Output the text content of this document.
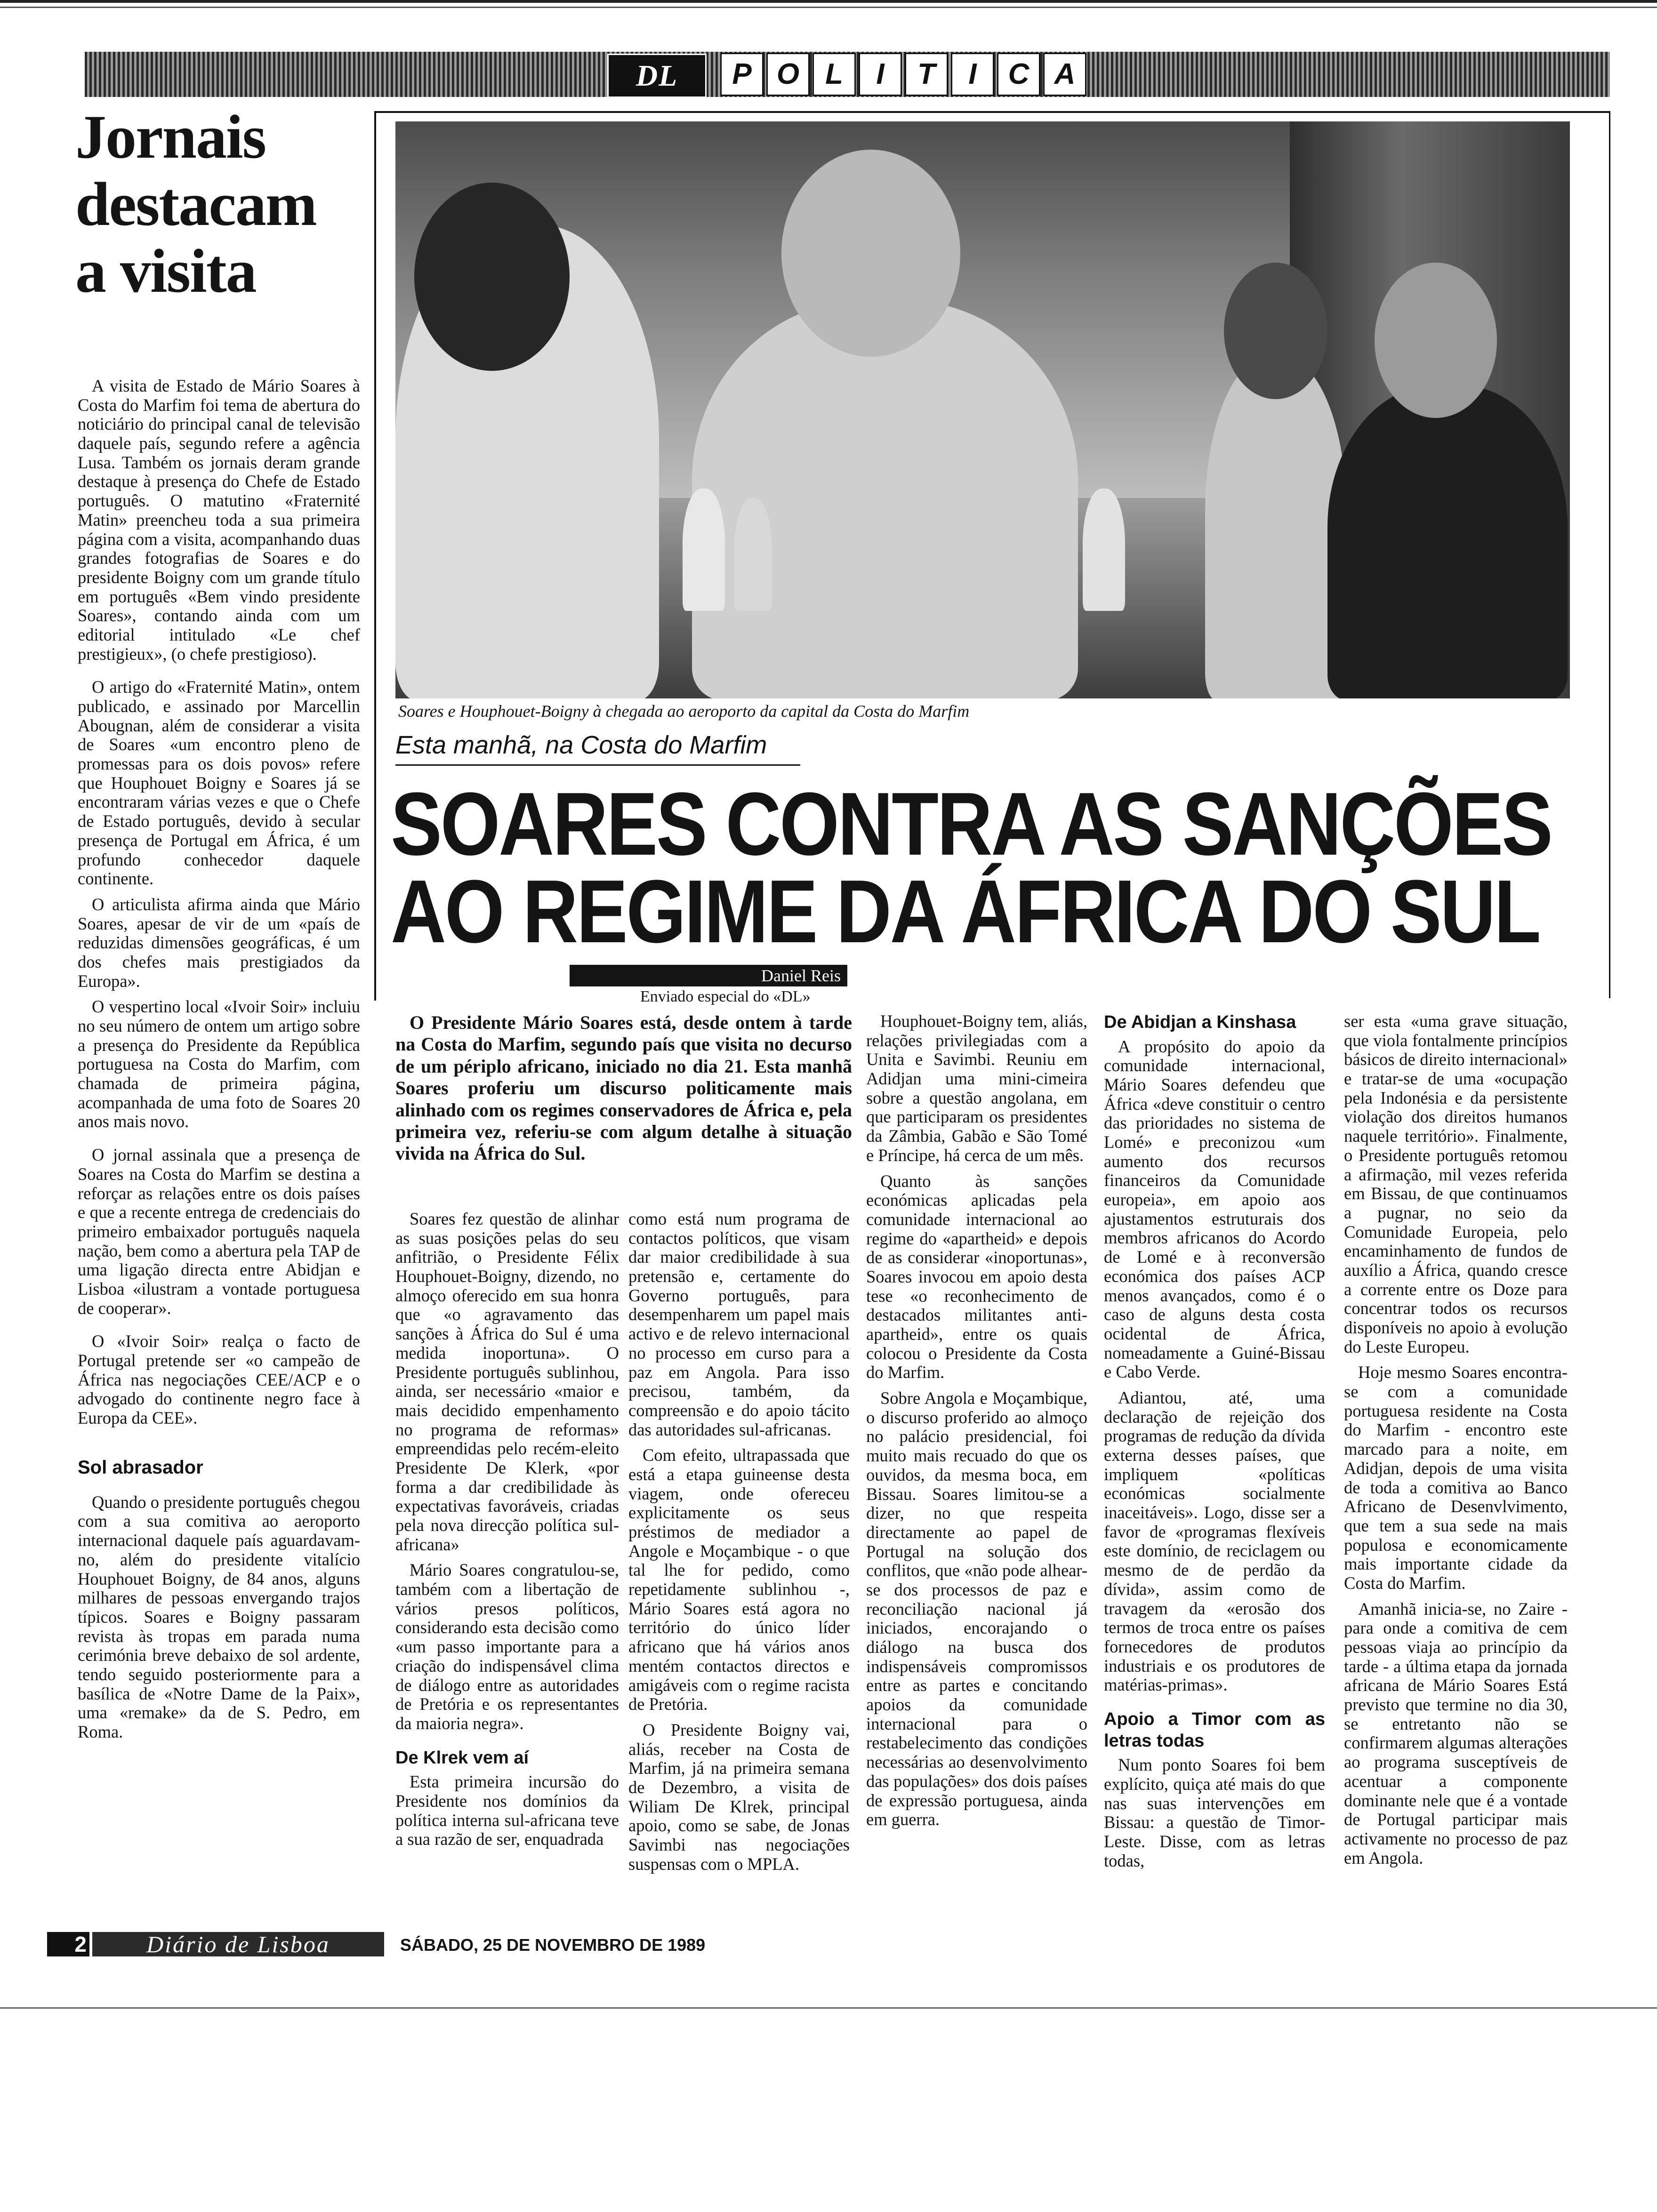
DL	P O L	I	T	I	C A
Jornais
destacam
a visita

A visita de Estado de Mário Soares à Costa do Marfim foi tema de abertura do noticiário do principal canal de televisão daquele país, segundo refere a agência Lusa. Também os jornais deram grande destaque à presença do Chefe de Estado português. O matutino «Fraternité Matin» preencheu toda a sua primeira página com a visita, acompanhando duas grandes fotografias de Soares e do presidente Boigny com um grande título em português «Bem vindo presidente Soares», contando ainda com um editorial intitulado «Le chef prestigieux», (o chefe prestigioso).

O artigo do «Fraternité Matin», ontem publicado, e assinado por Marcellin Abougnan, além de considerar a visita de Soares «um encontro pleno de promessas para os dois povos» refere que Houphouet Boigny e Soares já se encontraram várias vezes e que o Chefe de Estado português, devido à secular presença de Portugal em África, é um profundo conhecedor daquele continente.

O articulista afirma ainda que Mário Soares, apesar de vir de um «país de reduzidas dimensões geográficas, é um dos chefes mais prestigiados da Europa».

O vespertino local «Ivoir Soir» incluiu no seu número de ontem um artigo sobre a presença do Presidente da República portuguesa na Costa do Marfim, com chamada de primeira página, acompanhada de uma foto de Soares 20 anos mais novo.

O jornal assinala que a presença de Soares na Costa do Marfim se destina a reforçar as relações entre os dois países e que a recente entrega de credenciais do primeiro embaixador português naquela nação, bem como a abertura pela TAP de uma ligação directa entre Abidjan e Lisboa «ilustram a vontade portuguesa de cooperar».

O «Ivoir Soir» realça o facto de Portugal pretende ser «o campeão de África nas negociações CEE/ACP e o advogado do continente negro face à Europa da CEE».

Sol abrasador

Quando o presidente português chegou com a sua comitiva ao aeroporto internacional daquele país aguardavam-no, além do presidente vitalício Houphouet Boigny, de 84 anos, alguns milhares de pessoas envergando trajos típicos. Soares e Boigny passaram revista às tropas em parada numa cerimónia breve debaixo de sol ardente, tendo seguido posteriormente para a basílica de «Notre Dame de la Paix», uma «remake» da de S. Pedro, em Roma.

Soares e Houphouet-Boigny à chegada ao aeroporto da capital da Costa do Marfim
Esta manhã, na Costa do Marfim
SOARES CONTRA AS SANÇÕES
AO REGIME DA ÁFRICA DO SUL
Daniel Reis
Enviado especial do «DL»

O Presidente Mário Soares está, desde ontem à tarde na Costa do Marfim, segundo país que visita no decurso de um périplo africano, iniciado no dia 21. Esta manhã Soares proferiu um discurso politicamente mais alinhado com os regimes conservadores de África e, pela primeira vez, referiu-se com algum detalhe à situação vivida na África do Sul.

Soares fez questão de alinhar as suas posições pelas do seu anfitrião, o Presidente Félix Houphouet-Boigny, dizendo, no almoço oferecido em sua honra que «o agravamento das sanções à África do Sul é uma medida inoportuna». O Presidente português sublinhou, ainda, ser necessário «maior e mais decidido empenhamento no programa de reformas» empreendidas pelo recém-eleito Presidente De Klerk, «por forma a dar credibilidade às expectativas favoráveis, criadas pela nova direcção política sul-africana»

Mário Soares congratulou-se, também com a libertação de vários presos políticos, considerando esta decisão como «um passo importante para a criação do indispensável clima de diálogo entre as autoridades de Pretória e os representantes da maioria negra».

De Klrek vem aí

Esta primeira incursão do Presidente nos domínios da política interna sul-africana teve a sua razão de ser, enquadrada

como está num programa de contactos políticos, que visam dar maior credibilidade à sua pretensão e, certamente do Governo português, para desempenharem um papel mais activo e de relevo internacional no processo em curso para a paz em Angola. Para isso precisou, também, da compreensão e do apoio tácito das autoridades sul-africanas.

Com efeito, ultrapassada que está a etapa guineense desta viagem, onde ofereceu explicitamente os seus préstimos de mediador a Angole e Moçambique - o que tal lhe for pedido, como repetidamente sublinhou -, Mário Soares está agora no território do único líder africano que há vários anos mentém contactos directos e amigáveis com o regime racista de Pretória.

O Presidente Boigny vai, aliás, receber na Costa de Marfim, já na primeira semana de Dezembro, a visita de Wiliam De Klrek, principal apoio, como se sabe, de Jonas Savimbi nas negociações suspensas com o MPLA.

Houphouet-Boigny tem, aliás, relações privilegiadas com a Unita e Savimbi. Reuniu em Adidjan uma mini-cimeira sobre a questão angolana, em que participaram os presidentes da Zâmbia, Gabão e São Tomé e Príncipe, há cerca de um mês.

Quanto às sanções económicas aplicadas pela comunidade internacional ao regime do «apartheid» e depois de as considerar «inoportunas», Soares invocou em apoio desta tese «o reconhecimento de destacados militantes anti-apartheid», entre os quais colocou o Presidente da Costa do Marfim.

Sobre Angola e Moçambique, o discurso proferido ao almoço no palácio presidencial, foi muito mais recuado do que os ouvidos, da mesma boca, em Bissau. Soares limitou-se a dizer, no que respeita directamente ao papel de Portugal na solução dos conflitos, que «não pode alhear-se dos processos de paz e reconciliação nacional já iniciados, encorajando o diálogo na busca dos indispensáveis compromissos entre as partes e concitando apoios da comunidade internacional para o restabelecimento das condições necessárias ao desenvolvimento das populações» dos dois países de expressão portuguesa, ainda em guerra.

De Abidjan a Kinshasa

A propósito do apoio da comunidade internacional, Mário Soares defendeu que África «deve constituir o centro das prioridades no sistema de Lomé» e preconizou «um aumento dos recursos financeiros da Comunidade europeia», em apoio aos ajustamentos estruturais dos membros africanos do Acordo de Lomé e à reconversão económica dos países ACP menos avançados, como é o caso de alguns desta costa ocidental de África, nomeadamente a Guiné-Bissau e Cabo Verde.

Adiantou, até, uma declaração de rejeição dos programas de redução da dívida externa desses países, que impliquem «políticas económicas socialmente inaceitáveis». Logo, disse ser a favor de «programas flexíveis este domínio, de reciclagem ou mesmo de de perdão da dívida», assim como de travagem da «erosão dos termos de troca entre os países fornecedores de produtos industriais e os produtores de matérias-primas».

Apoio a Timor com as letras todas

Num ponto Soares foi bem explícito, quiça até mais do que nas suas intervenções em Bissau: a questão de Timor-Leste. Disse, com as letras todas,

ser esta «uma grave situação, que viola fontalmente princípios básicos de direito internacional» e tratar-se de uma «ocupação pela Indonésia e da persistente violação dos direitos humanos naquele território». Finalmente, o Presidente português retomou a afirmação, mil vezes referida em Bissau, de que continuamos a pugnar, no seio da Comunidade Europeia, pelo encaminhamento de fundos de auxílio a África, quando cresce a corrente entre os Doze para concentrar todos os recursos disponíveis no apoio à evolução do Leste Europeu.

Hoje mesmo Soares encontra-se com a comunidade portuguesa residente na Costa do Marfim - encontro este marcado para a noite, em Adidjan, depois de uma visita de toda a comitiva ao Banco Africano de Desenvlvimento, que tem a sua sede na mais populosa e economicamente mais importante cidade da Costa do Marfim.

Amanhã inicia-se, no Zaire - para onde a comitiva de cem pessoas viaja ao princípio da tarde - a última etapa da jornada africana de Mário Soares Está previsto que termine no dia 30, se entretanto não se confirmarem algumas alterações ao programa susceptíveis de acentuar a componente dominante nele que é a vontade de Portugal participar mais activamente no processo de paz em Angola.

2	Diário de Lisboa	SÁBADO, 25 DE NOVEMBRO DE 1989
